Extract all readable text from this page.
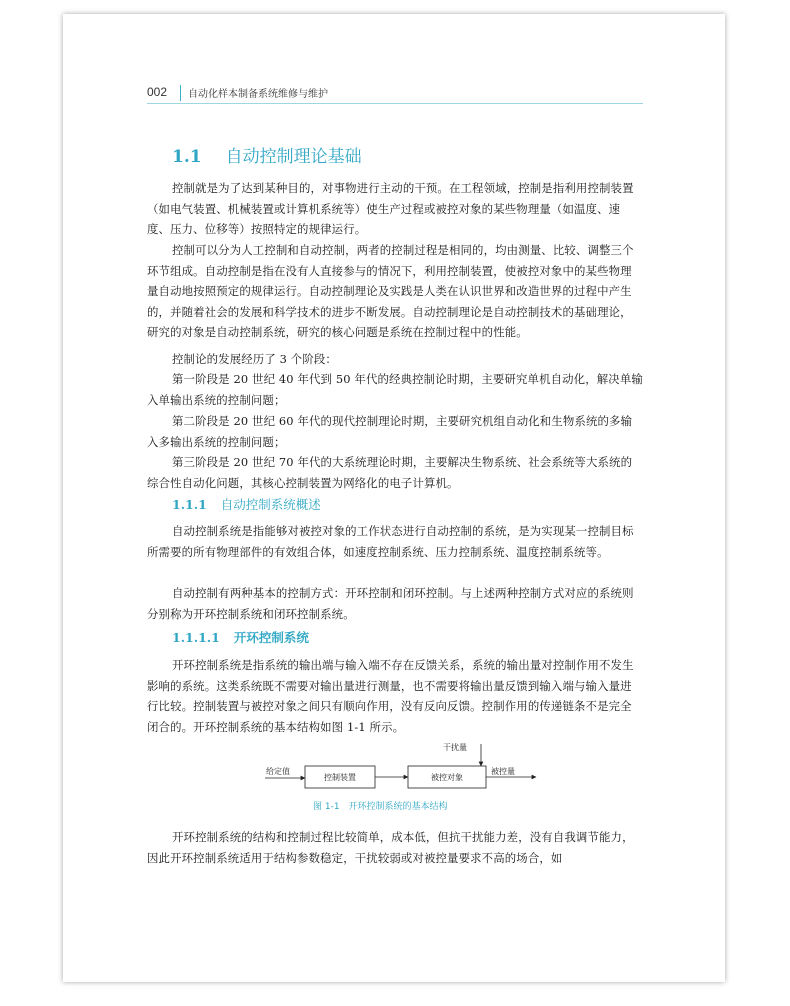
002 自动化样本制备系统维修与维护
1.1 自动控制理论基础

控制就是为了达到某种目的，对事物进行主动的干预。在工程领域，控制是指利用控制装置（如电气装置、机械装置或计算机系统等）使生产过程或被控对象的某些物理量（如温度、速度、压力、位移等）按照特定的规律运行。

控制可以分为人工控制和自动控制，两者的控制过程是相同的，均由测量、比较、调整三个环节组成。自动控制是指在没有人直接参与的情况下，利用控制装置，使被控对象中的某些物理量自动地按照预定的规律运行。自动控制理论及实践是人类在认识世界和改造世界的过程中产生的，并随着社会的发展和科学技术的进步不断发展。自动控制理论是自动控制技术的基础理论，研究的对象是自动控制系统，研究的核心问题是系统在控制过程中的性能。

控制论的发展经历了 3 个阶段：

第一阶段是 20 世纪 40 年代到 50 年代的经典控制论时期，主要研究单机自动化，解决单输入单输出系统的控制问题；

第二阶段是 20 世纪 60 年代的现代控制理论时期，主要研究机组自动化和生物系统的多输入多输出系统的控制问题；

第三阶段是 20 世纪 70 年代的大系统理论时期，主要解决生物系统、社会系统等大系统的综合性自动化问题，其核心控制装置为网络化的电子计算机。

1.1.1 自动控制系统概述

自动控制系统是指能够对被控对象的工作状态进行自动控制的系统，是为实现某一控制目标所需要的所有物理部件的有效组合体，如速度控制系统、压力控制系统、温度控制系统等。

自动控制有两种基本的控制方式：开环控制和闭环控制。与上述两种控制方式对应的系统则分别称为开环控制系统和闭环控制系统。

1.1.1.1 开环控制系统

开环控制系统是指系统的输出端与输入端不存在反馈关系，系统的输出量对控制作用不发生影响的系统。这类系统既不需要对输出量进行测量，也不需要将输出量反馈到输入端与输入量进行比较。控制装置与被控对象之间只有顺向作用，没有反向反馈。控制作用的传递链条不是完全闭合的。开环控制系统的基本结构如图 1-1 所示。

给定值
控制装置	被控对象
被控量
干扰量
图 1-1　开环控制系统的基本结构

开环控制系统的结构和控制过程比较简单，成本低，但抗干扰能力差，没有自我调节能力，因此开环控制系统适用于结构参数稳定，干扰较弱或对被控量要求不高的场合，如
